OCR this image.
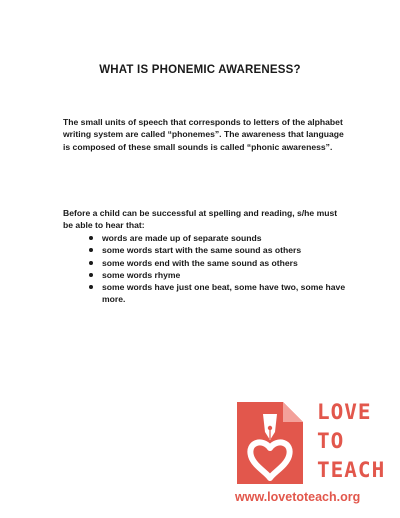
WHAT IS PHONEMIC AWARENESS?
The small units of speech that corresponds to letters of the alphabet writing system are called “phonemes”. The awareness that language is composed of these small sounds is called “phonic awareness”.
Before a child can be successful at spelling and reading, s/he must be able to hear that:
words are made up of separate sounds
some words start with the same sound as others
some words end with the same sound as others
some words rhyme
some words have just one beat, some have two, some have more.
LOVE
TO
TEACH
www.lovetoteach.org
